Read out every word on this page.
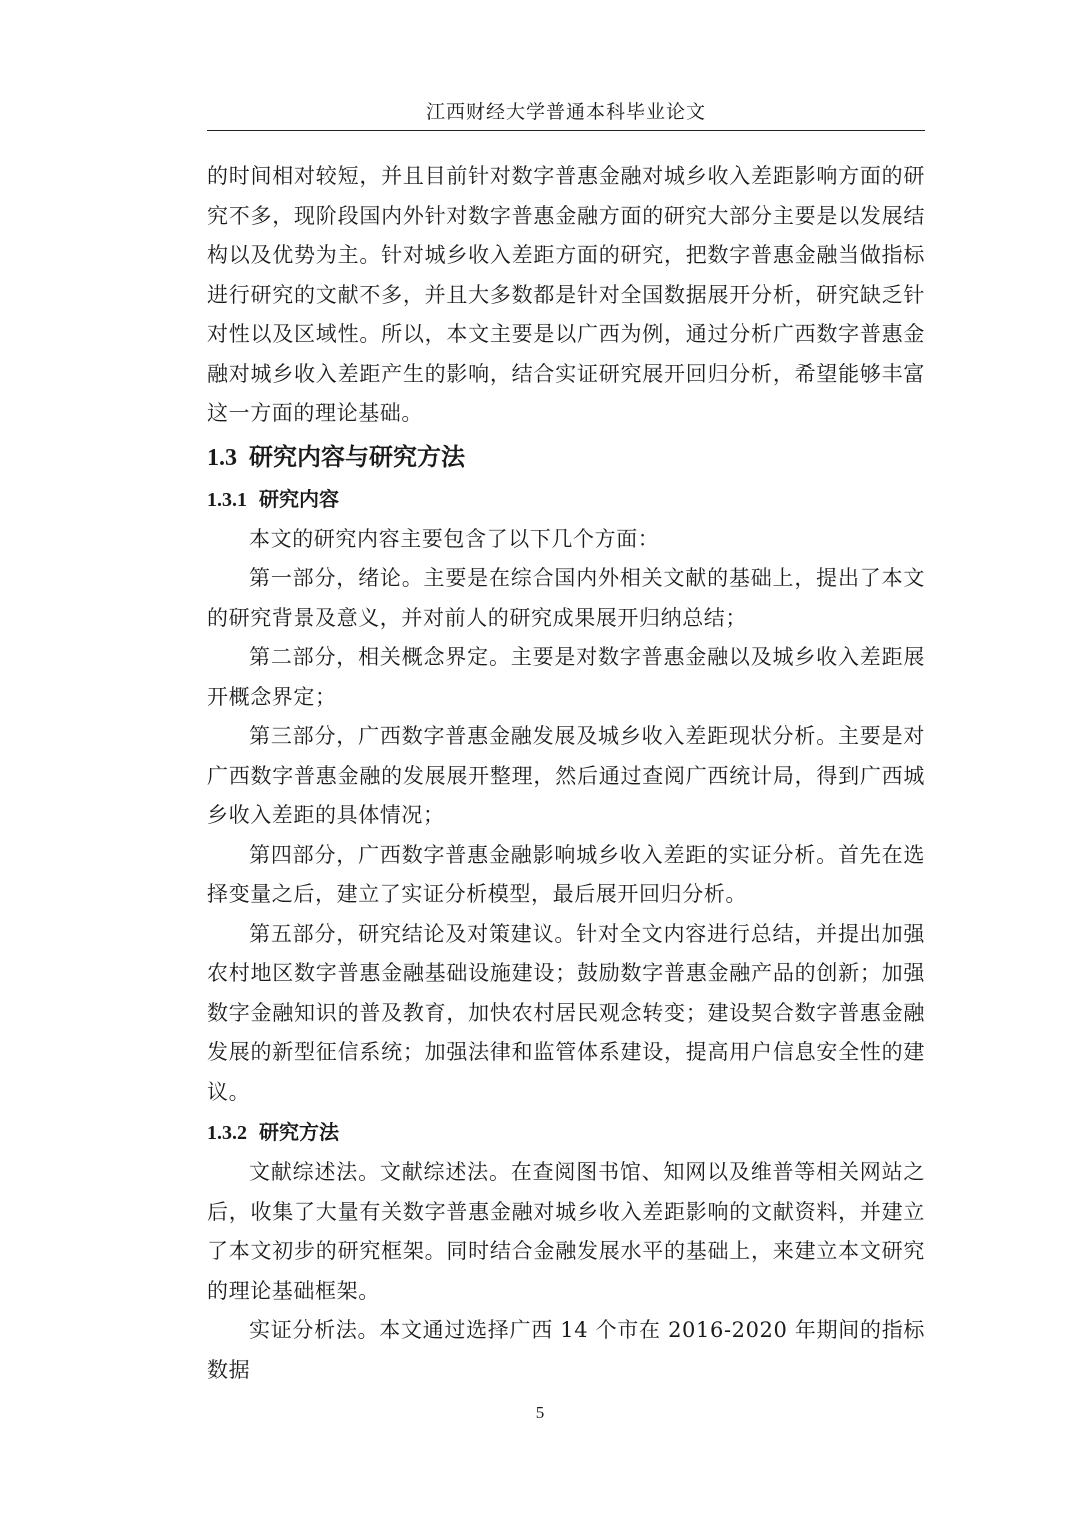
江西财经大学普通本科毕业论文

的时间相对较短，并且目前针对数字普惠金融对城乡收入差距影响方面的研究不多，现阶段国内外针对数字普惠金融方面的研究大部分主要是以发展结构以及优势为主。针对城乡收入差距方面的研究，把数字普惠金融当做指标进行研究的文献不多，并且大多数都是针对全国数据展开分析，研究缺乏针对性以及区域性。所以，本文主要是以广西为例，通过分析广西数字普惠金融对城乡收入差距产生的影响，结合实证研究展开回归分析，希望能够丰富这一方面的理论基础。

1.3 研究内容与研究方法
1.3.1 研究内容

本文的研究内容主要包含了以下几个方面：

第一部分，绪论。主要是在综合国内外相关文献的基础上，提出了本文的研究背景及意义，并对前人的研究成果展开归纳总结；

第二部分，相关概念界定。主要是对数字普惠金融以及城乡收入差距展开概念界定；

第三部分，广西数字普惠金融发展及城乡收入差距现状分析。主要是对广西数字普惠金融的发展展开整理，然后通过查阅广西统计局，得到广西城乡收入差距的具体情况；

第四部分，广西数字普惠金融影响城乡收入差距的实证分析。首先在选择变量之后，建立了实证分析模型，最后展开回归分析。

第五部分，研究结论及对策建议。针对全文内容进行总结，并提出加强农村地区数字普惠金融基础设施建设；鼓励数字普惠金融产品的创新；加强数字金融知识的普及教育，加快农村居民观念转变；建设契合数字普惠金融发展的新型征信系统；加强法律和监管体系建设，提高用户信息安全性的建议。

1.3.2 研究方法

文献综述法。文献综述法。在查阅图书馆、知网以及维普等相关网站之后，收集了大量有关数字普惠金融对城乡收入差距影响的文献资料，并建立了本文初步的研究框架。同时结合金融发展水平的基础上，来建立本文研究的理论基础框架。

实证分析法。本文通过选择广西 14 个市在 2016-2020 年期间的指标数据

5
